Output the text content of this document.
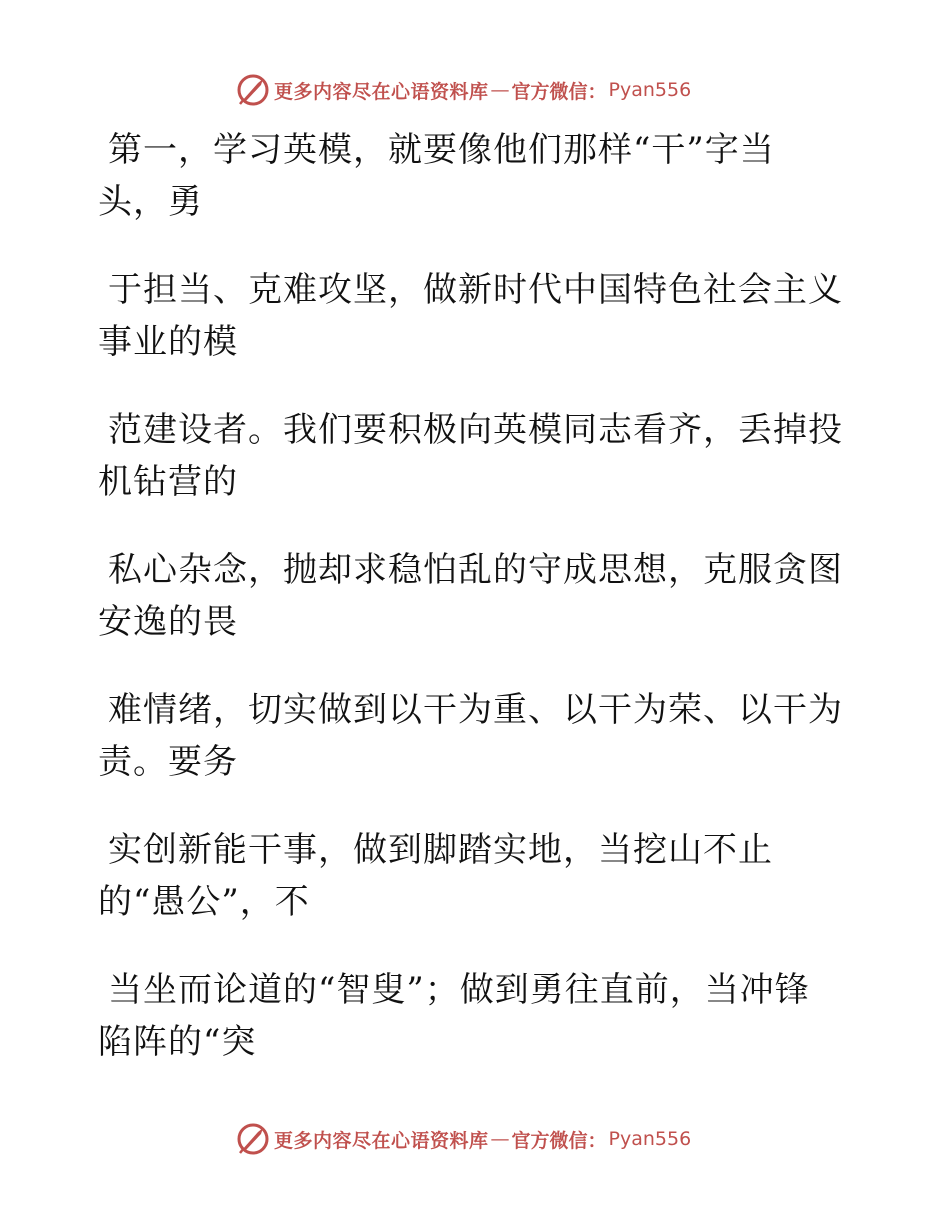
更多内容尽在心语资料库 — 官方微信： Pyan556
第一，学习英模，就要像他们那样“干”字当
头，勇
于担当、克难攻坚，做新时代中国特色社会主义
事业的模
范建设者。我们要积极向英模同志看齐，丢掉投
机钻营的
私心杂念，抛却求稳怕乱的守成思想，克服贪图
安逸的畏
难情绪，切实做到以干为重、以干为荣、以干为
责。要务
实创新能干事，做到脚踏实地，当挖山不止
的“愚公”，不
当坐而论道的“智叟”；做到勇往直前，当冲锋
陷阵的“突
更多内容尽在心语资料库 — 官方微信： Pyan556
